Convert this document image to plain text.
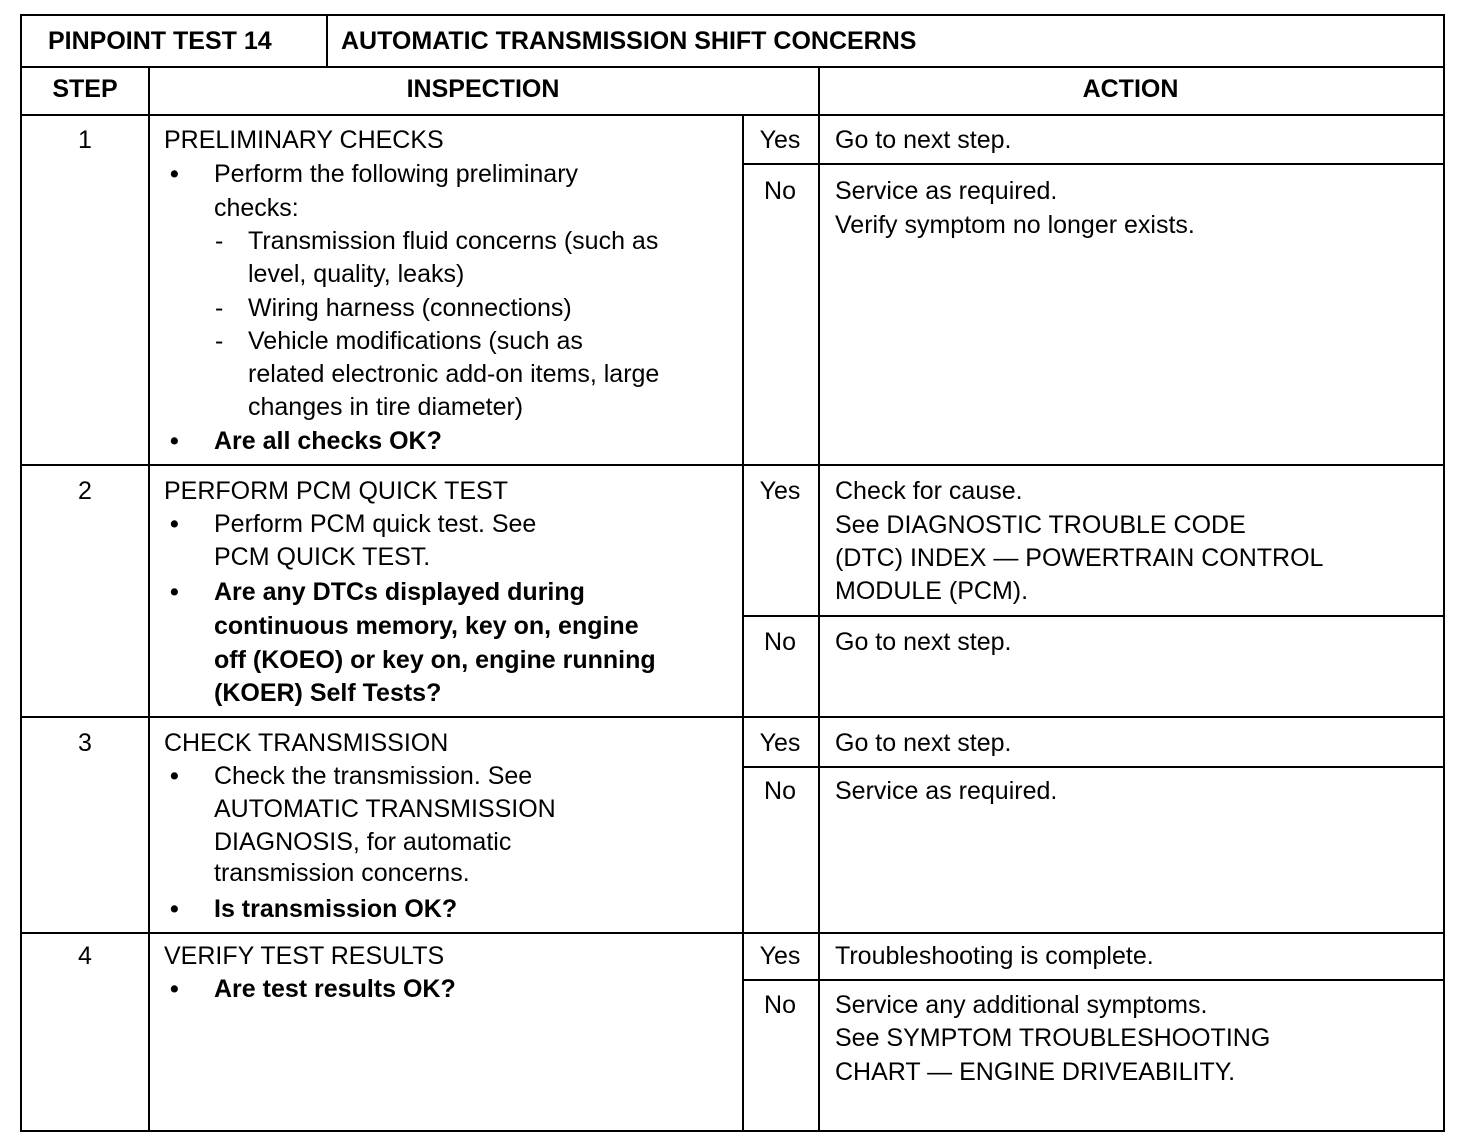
PINPOINT TEST 14	AUTOMATIC TRANSMISSION SHIFT CONCERNS
STEP	INSPECTION	ACTION
1	PRELIMINARY CHECKS
• Perform the following preliminary
checks:
- Transmission fluid concerns (such as
level, quality, leaks)
- Wiring harness (connections)
- Vehicle modifications (such as
related electronic add-on items, large
changes in tire diameter)
• Are all checks OK?
Yes	Go to next step.
No	Service as required.
Verify symptom no longer exists.
2	PERFORM PCM QUICK TEST
• Perform PCM quick test. See
PCM QUICK TEST.
• Are any DTCs displayed during
continuous memory, key on, engine
off (KOEO) or key on, engine running
(KOER) Self Tests?
Yes	Check for cause.
See DIAGNOSTIC TROUBLE CODE
(DTC) INDEX — POWERTRAIN CONTROL
MODULE (PCM).
No	Go to next step.
3	CHECK TRANSMISSION
• Check the transmission. See
AUTOMATIC TRANSMISSION
DIAGNOSIS, for automatic
transmission concerns.
• Is transmission OK?
Yes	Go to next step.
No	Service as required.
4	VERIFY TEST RESULTS
• Are test results OK?
Yes	Troubleshooting is complete.
No	Service any additional symptoms.
See SYMPTOM TROUBLESHOOTING
CHART — ENGINE DRIVEABILITY.
